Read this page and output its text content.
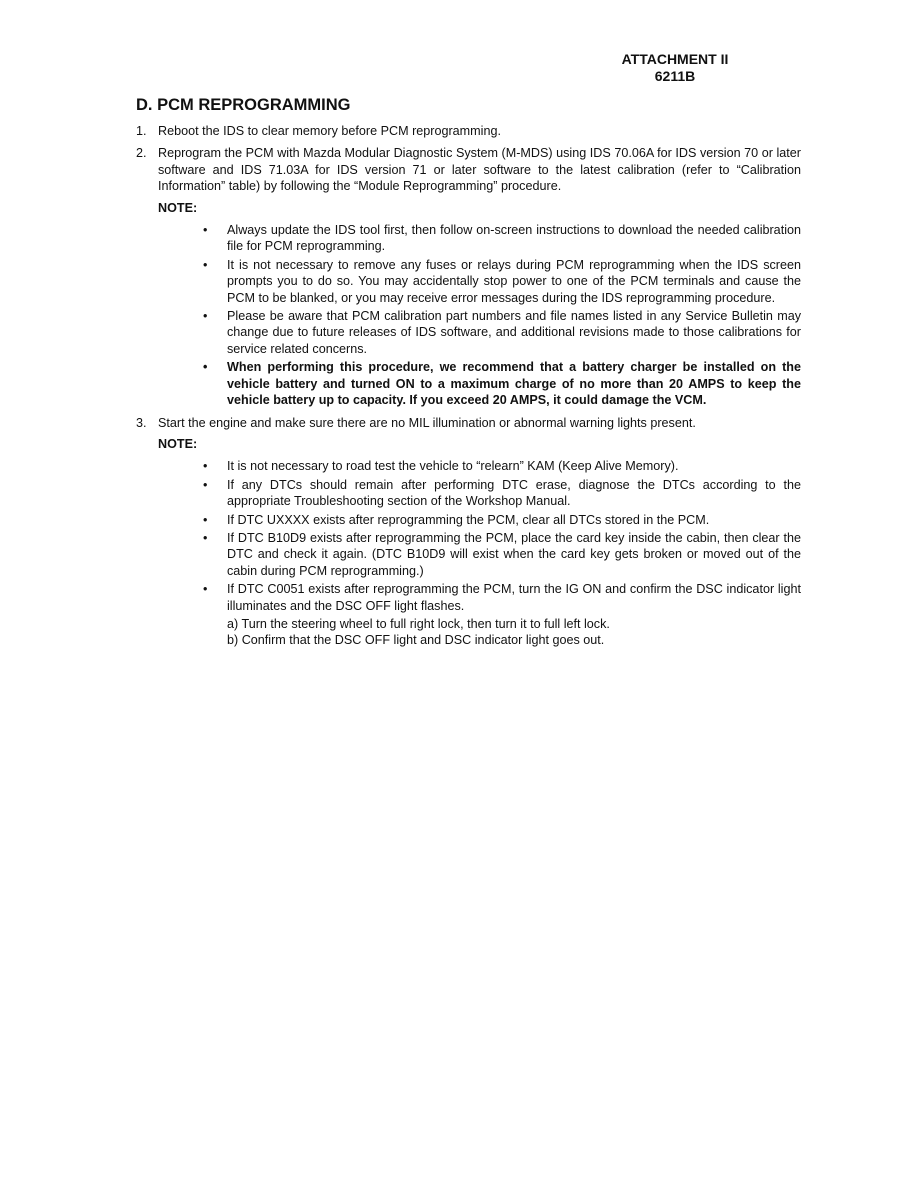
ATTACHMENT II
6211B
D. PCM REPROGRAMMING
1. Reboot the IDS to clear memory before PCM reprogramming.
2. Reprogram the PCM with Mazda Modular Diagnostic System (M-MDS) using IDS 70.06A for IDS version 70 or later software and IDS 71.03A for IDS version 71 or later software to the latest calibration (refer to “Calibration Information” table) by following the “Module Reprogramming” procedure.
NOTE:
• Always update the IDS tool first, then follow on-screen instructions to download the needed calibration file for PCM reprogramming.
• It is not necessary to remove any fuses or relays during PCM reprogramming when the IDS screen prompts you to do so. You may accidentally stop power to one of the PCM terminals and cause the PCM to be blanked, or you may receive error messages during the IDS reprogramming procedure.
• Please be aware that PCM calibration part numbers and file names listed in any Service Bulletin may change due to future releases of IDS software, and additional revisions made to those calibrations for service related concerns.
• When performing this procedure, we recommend that a battery charger be installed on the vehicle battery and turned ON to a maximum charge of no more than 20 AMPS to keep the vehicle battery up to capacity. If you exceed 20 AMPS, it could damage the VCM.
3. Start the engine and make sure there are no MIL illumination or abnormal warning lights present.
NOTE:
• It is not necessary to road test the vehicle to “relearn” KAM (Keep Alive Memory).
• If any DTCs should remain after performing DTC erase, diagnose the DTCs according to the appropriate Troubleshooting section of the Workshop Manual.
• If DTC UXXXX exists after reprogramming the PCM, clear all DTCs stored in the PCM.
• If DTC B10D9 exists after reprogramming the PCM, place the card key inside the cabin, then clear the DTC and check it again. (DTC B10D9 will exist when the card key gets broken or moved out of the cabin during PCM reprogramming.)
• If DTC C0051 exists after reprogramming the PCM, turn the IG ON and confirm the DSC indicator light illuminates and the DSC OFF light flashes.
a) Turn the steering wheel to full right lock, then turn it to full left lock.
b) Confirm that the DSC OFF light and DSC indicator light goes out.
